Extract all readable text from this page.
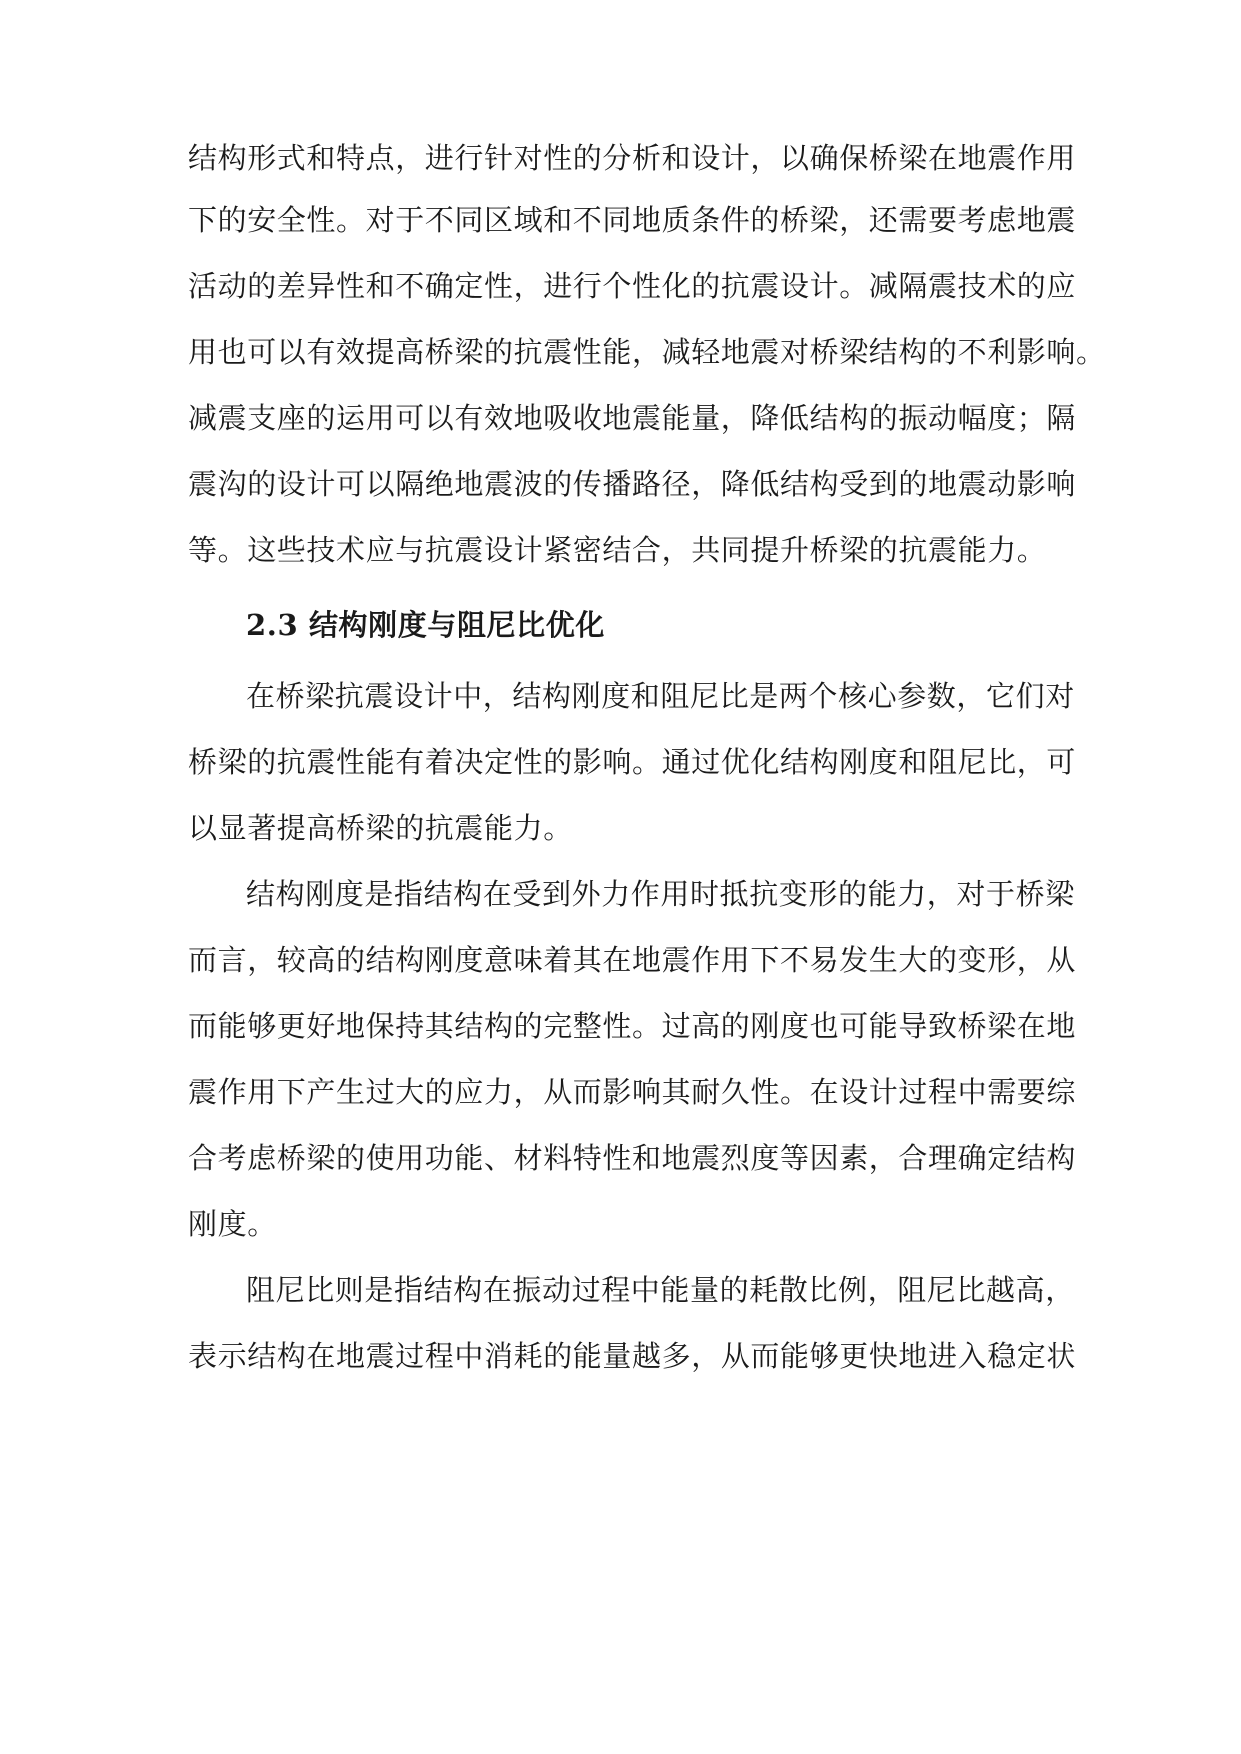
结构形式和特点，进行针对性的分析和设计，以确保桥梁在地震作用
下的安全性。对于不同区域和不同地质条件的桥梁，还需要考虑地震
活动的差异性和不确定性，进行个性化的抗震设计。减隔震技术的应
用也可以有效提高桥梁的抗震性能，减轻地震对桥梁结构的不利影响。
减震支座的运用可以有效地吸收地震能量，降低结构的振动幅度；隔
震沟的设计可以隔绝地震波的传播路径，降低结构受到的地震动影响
等。这些技术应与抗震设计紧密结合，共同提升桥梁的抗震能力。
2.3 结构刚度与阻尼比优化
在桥梁抗震设计中，结构刚度和阻尼比是两个核心参数，它们对
桥梁的抗震性能有着决定性的影响。通过优化结构刚度和阻尼比，可
以显著提高桥梁的抗震能力。
结构刚度是指结构在受到外力作用时抵抗变形的能力，对于桥梁
而言，较高的结构刚度意味着其在地震作用下不易发生大的变形，从
而能够更好地保持其结构的完整性。过高的刚度也可能导致桥梁在地
震作用下产生过大的应力，从而影响其耐久性。在设计过程中需要综
合考虑桥梁的使用功能、材料特性和地震烈度等因素，合理确定结构
刚度。
阻尼比则是指结构在振动过程中能量的耗散比例，阻尼比越高，
表示结构在地震过程中消耗的能量越多，从而能够更快地进入稳定状
